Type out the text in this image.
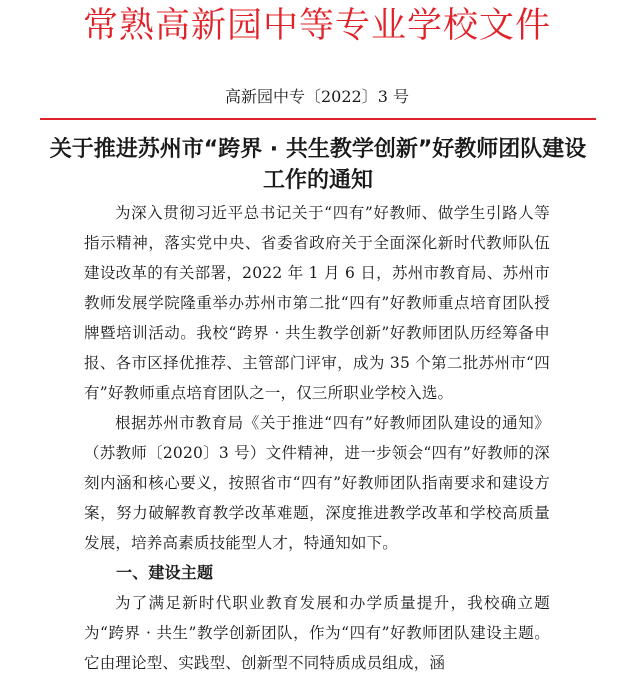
常熟高新园中等专业学校文件
高新园中专〔2022〕3 号
关于推进苏州市“跨界 · 共生教学创新”好教师团队建设工作的通知

为深入贯彻习近平总书记关于“四有”好教师、做学生引路人等指示精神，落实党中央、省委省政府关于全面深化新时代教师队伍建设改革的有关部署，2022 年 1 月 6 日，苏州市教育局、苏州市教师发展学院隆重举办苏州市第二批“四有”好教师重点培育团队授牌暨培训活动。我校“跨界 · 共生教学创新”好教师团队历经筹备申报、各市区择优推荐、主管部门评审，成为 35 个第二批苏州市“四有”好教师重点培育团队之一，仅三所职业学校入选。

根据苏州市教育局《关于推进“四有”好教师团队建设的通知》（苏教师〔2020〕3 号）文件精神，进一步领会“四有”好教师的深刻内涵和核心要义，按照省市“四有”好教师团队指南要求和建设方案，努力破解教育教学改革难题，深度推进教学改革和学校高质量发展，培养高素质技能型人才，特通知如下。

一、建设主题

为了满足新时代职业教育发展和办学质量提升，我校确立题为“跨界 · 共生”教学创新团队，作为“四有”好教师团队建设主题。它由理论型、实践型、创新型不同特质成员组成，涵
